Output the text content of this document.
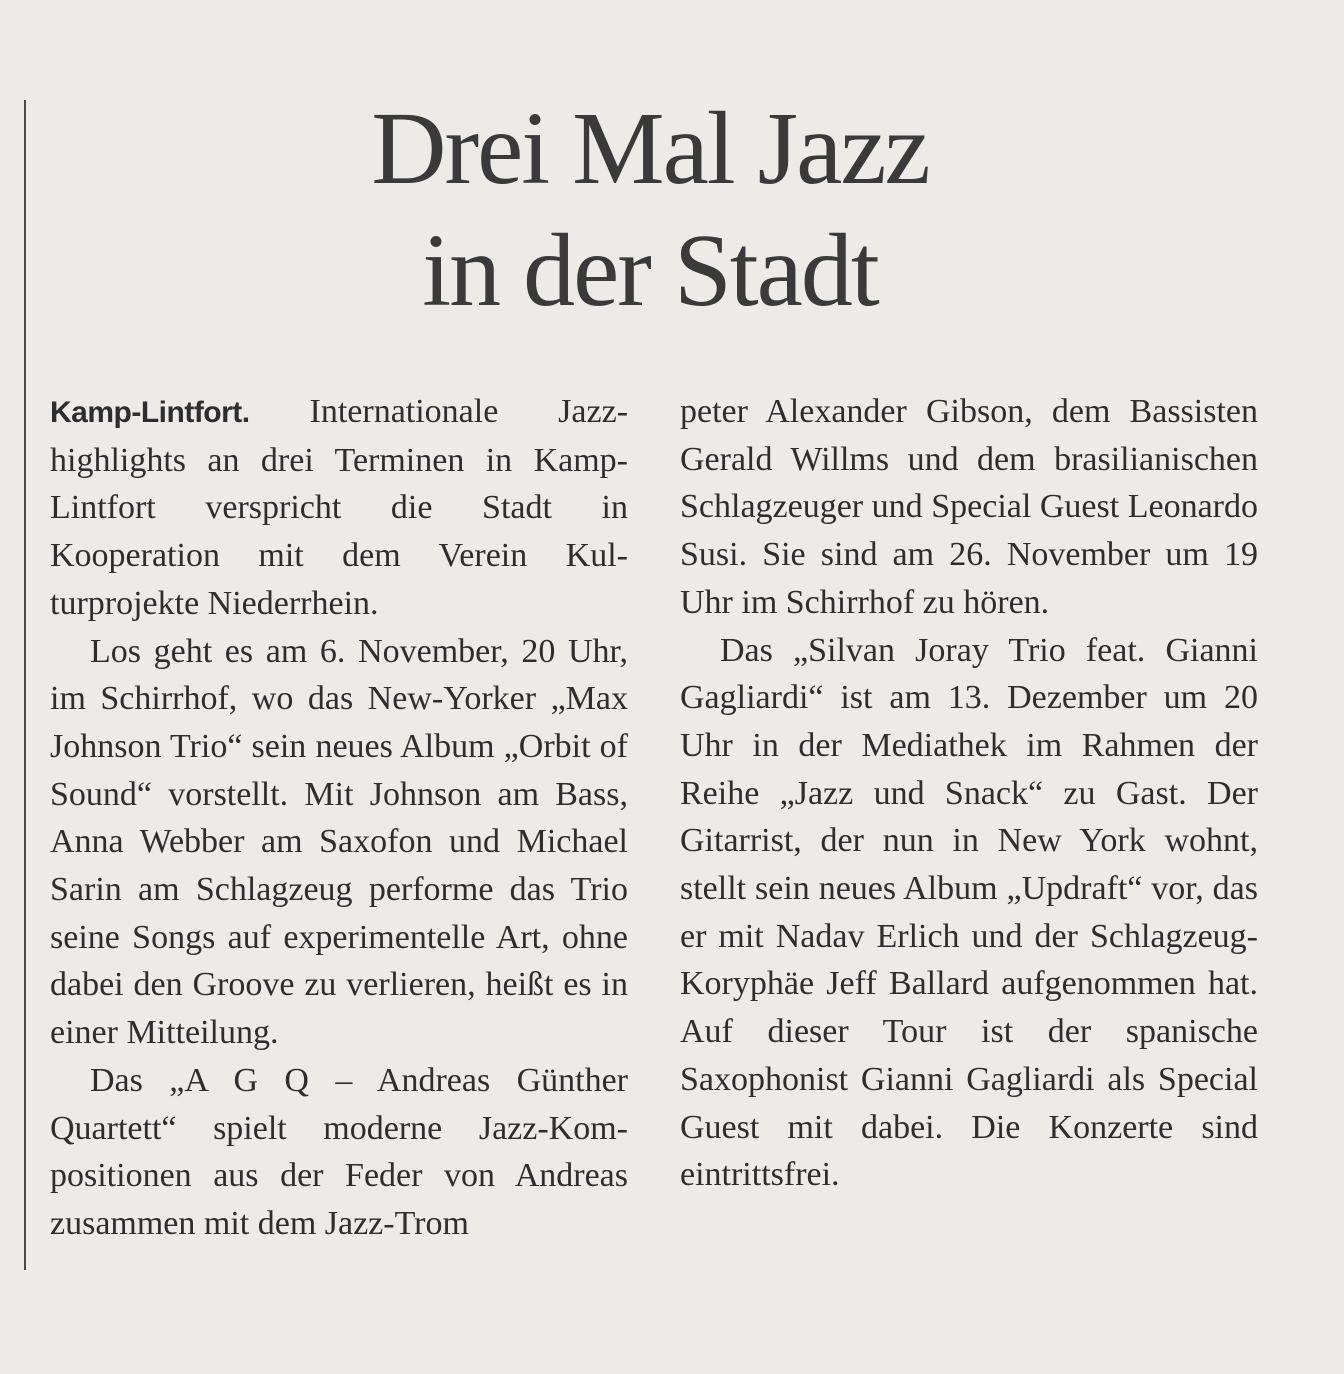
Drei Mal Jazz
in der Stadt

Kamp-Lintfort. Internationale Jazzhighlights an drei Terminen in Kamp-Lintfort verspricht die Stadt in Kooperation mit dem Verein Kulturprojekte Niederrhein.

Los geht es am 6. November, 20 Uhr, im Schirrhof, wo das New-Yorker „Max Johnson Trio“ sein neues Album „Orbit of Sound“ vorstellt. Mit Johnson am Bass, Anna Webber am Saxofon und Michael Sarin am Schlagzeug performe das Trio seine Songs auf experimentelle Art, ohne dabei den Groove zu verlieren, heißt es in einer Mitteilung.

Das „A G Q – Andreas Günther Quartett“ spielt moderne Jazz-Kompositionen aus der Feder von Andreas zusammen mit dem Jazz-Trom

peter Alexander Gibson, dem Bassisten Gerald Willms und dem brasilianischen Schlagzeuger und Special Guest Leonardo Susi. Sie sind am 26. November um 19 Uhr im Schirrhof zu hören.

Das „Silvan Joray Trio feat. Gianni Gagliardi“ ist am 13. Dezember um 20 Uhr in der Mediathek im Rahmen der Reihe „Jazz und Snack“ zu Gast. Der Gitarrist, der nun in New York wohnt, stellt sein neues Album „Updraft“ vor, das er mit Nadav Erlich und der Schlagzeug-Koryphäe Jeff Ballard aufgenommen hat. Auf dieser Tour ist der spanische Saxophonist Gianni Gagliardi als Special Guest mit dabei. Die Konzerte sind eintrittsfrei.
